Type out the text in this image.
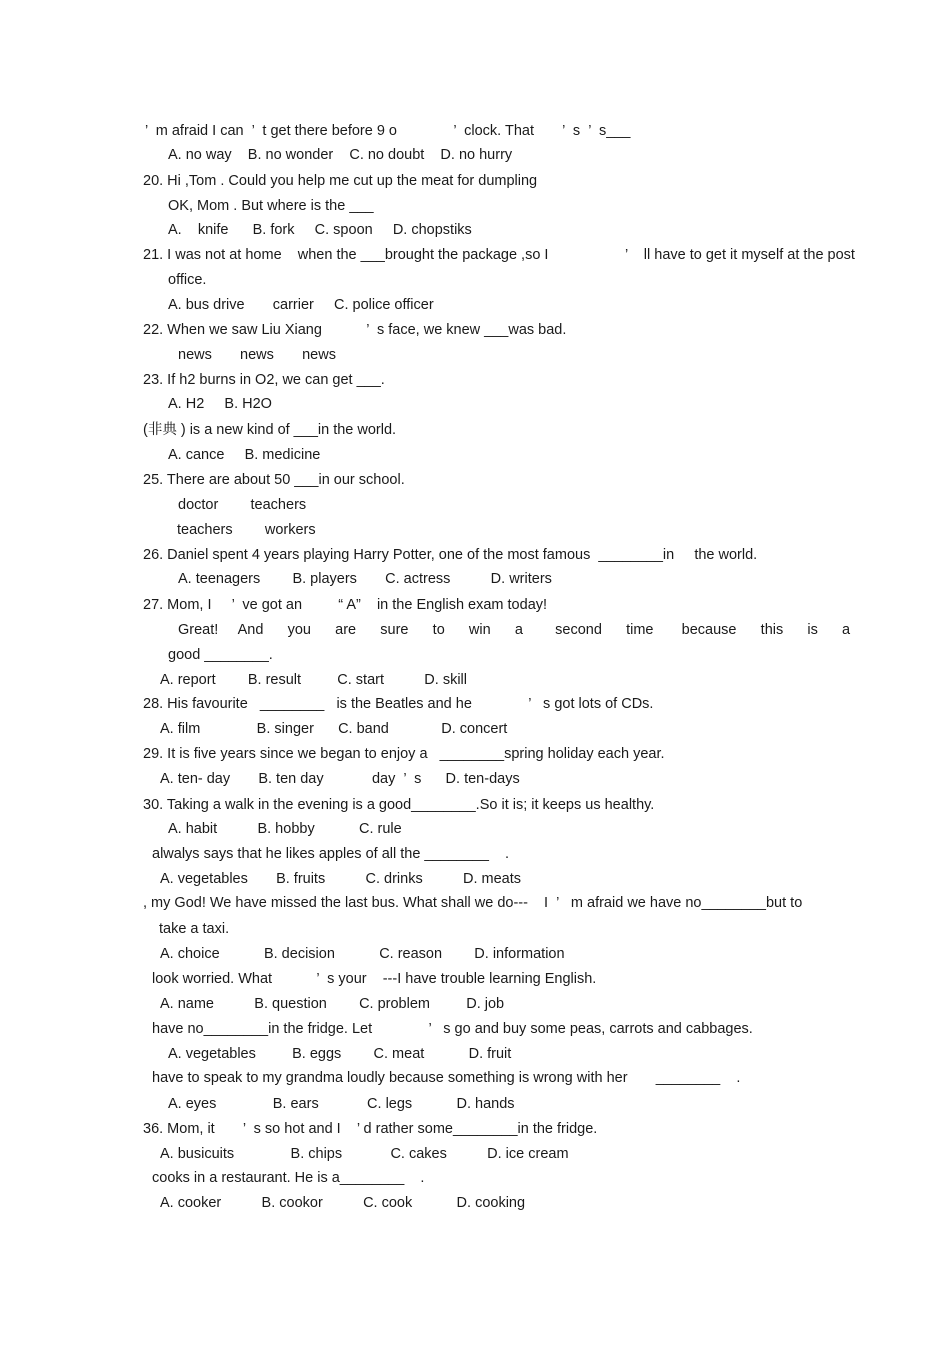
’  m afraid I can  ’  t get there before 9 o              ’  clock. That       ’  s  ’  s___
A. no way    B. no wonder    C. no doubt    D. no hurry
20. Hi ,Tom . Could you help me cut up the meat for dumpling
OK, Mom . But where is the ___
A.    knife      B. fork     C. spoon     D. chopstiks
21. I was not at home    when the ___brought the package ,so I                   ’    ll have to get it myself at the post
office.
A. bus drive       carrier     C. police officer
22. When we saw Liu Xiang           ’  s face, we knew ___was bad.
news       news       news
23. If h2 burns in O2, we can get ___.
A. H2     B. H2O
(非典 ) is a new kind of ___in the world.
A. cance     B. medicine
25. There are about 50 ___in our school.
doctor        teachers
teachers        workers
26. Daniel spent 4 years playing Harry Potter, one of the most famous  ________in     the world.
A. teenagers        B. players       C. actress          D. writers
27. Mom, I     ’  ve got an         “ A”    in the English exam today!
Great!     And      you      are      sure      to      win      a        second      time       because      this      is      a
good ________.
A. report        B. result         C. start          D. skill
28. His favourite   ________   is the Beatles and he              ’   s got lots of CDs.
A. film              B. singer      C. band             D. concert
29. It is five years since we began to enjoy a   ________spring holiday each year.
A. ten- day       B. ten day            day  ’  s      D. ten-days
30. Taking a walk in the evening is a good________.So it is; it keeps us healthy.
A. habit          B. hobby           C. rule
alwalys says that he likes apples of all the ________    .
A. vegetables       B. fruits          C. drinks          D. meats
, my God! We have missed the last bus. What shall we do---    I  ’   m afraid we have no________but to
take a taxi.
A. choice           B. decision           C. reason        D. information
look worried. What           ’  s your    ---I have trouble learning English.
A. name          B. question        C. problem         D. job
have no________in the fridge. Let              ’   s go and buy some peas, carrots and cabbages.
A. vegetables         B. eggs        C. meat           D. fruit
have to speak to my grandma loudly because something is wrong with her       ________    .
A. eyes              B. ears            C. legs           D. hands
36. Mom, it       ’  s so hot and I    ’ d rather some________in the fridge.
A. busicuits              B. chips            C. cakes          D. ice cream
cooks in a restaurant. He is a________    .
A. cooker          B. cookor          C. cook           D. cooking
